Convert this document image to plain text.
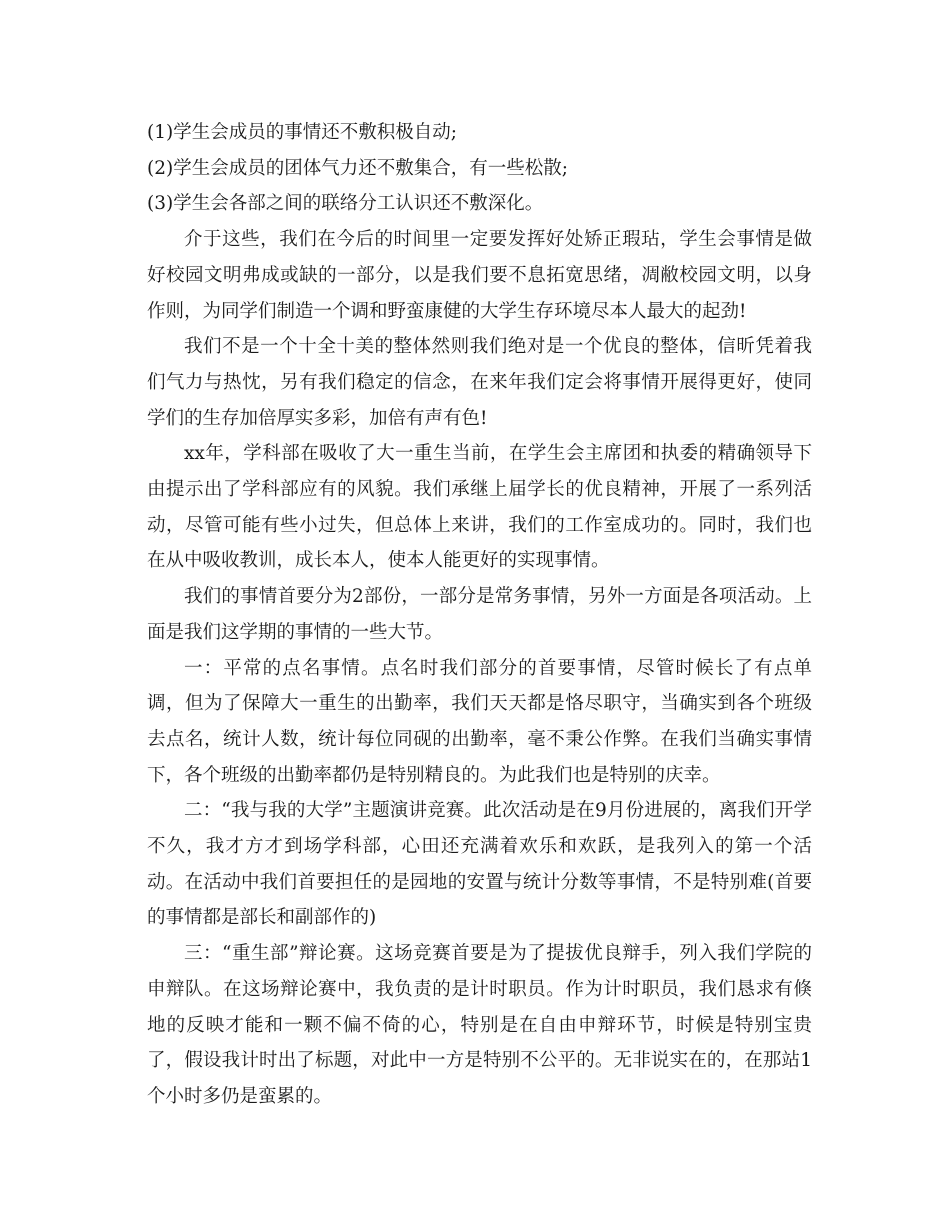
(1)学生会成员的事情还不敷积极自动;

(2)学生会成员的团体气力还不敷集合，有一些松散;

(3)学生会各部之间的联络分工认识还不敷深化。

介于这些，我们在今后的时间里一定要发挥好处矫正瑕玷，学生会事情是做好校园文明弗成或缺的一部分，以是我们要不息拓宽思绪，凋敝校园文明，以身作则，为同学们制造一个调和野蛮康健的大学生存环境尽本人最大的起劲!

我们不是一个十全十美的整体然则我们绝对是一个优良的整体，信昕凭着我们气力与热忱，另有我们稳定的信念，在来年我们定会将事情开展得更好，使同学们的生存加倍厚实多彩，加倍有声有色!

xx年，学科部在吸收了大一重生当前，在学生会主席团和执委的精确领导下由提示出了学科部应有的风貌。我们承继上届学长的优良精神，开展了一系列活动，尽管可能有些小过失，但总体上来讲，我们的工作室成功的。同时，我们也在从中吸收教训，成长本人，使本人能更好的实现事情。

我们的事情首要分为2部份，一部分是常务事情，另外一方面是各项活动。上面是我们这学期的事情的一些大节。

一：平常的点名事情。点名时我们部分的首要事情，尽管时候长了有点单调，但为了保障大一重生的出勤率，我们天天都是恪尽职守，当确实到各个班级去点名，统计人数，统计每位同砚的出勤率，毫不秉公作弊。在我们当确实事情下，各个班级的出勤率都仍是特别精良的。为此我们也是特别的庆幸。

二：“我与我的大学”主题演讲竞赛。此次活动是在9月份进展的，离我们开学不久，我才方才到场学科部，心田还充满着欢乐和欢跃，是我列入的第一个活动。在活动中我们首要担任的是园地的安置与统计分数等事情，不是特别难(首要的事情都是部长和副部作的)

三：“重生部”辩论赛。这场竞赛首要是为了提拔优良辩手，列入我们学院的申辩队。在这场辩论赛中，我负责的是计时职员。作为计时职员，我们恳求有倏地的反映才能和一颗不偏不倚的心，特别是在自由申辩环节，时候是特别宝贵了，假设我计时出了标题，对此中一方是特别不公平的。无非说实在的，在那站1个小时多仍是蛮累的。
